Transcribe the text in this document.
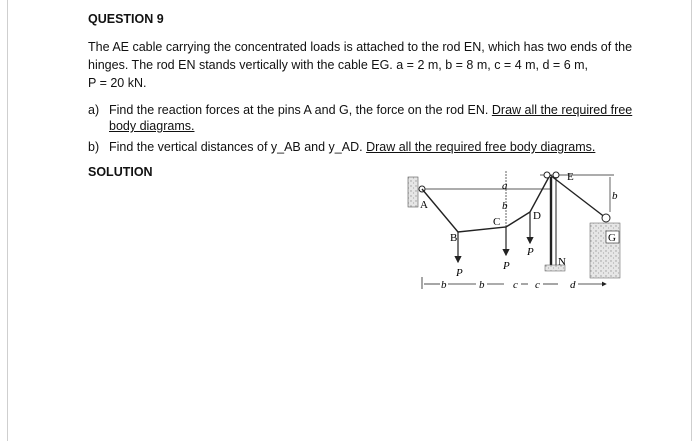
QUESTION 9
The AE cable carrying the concentrated loads is attached to the rod EN, which has two ends of the
hinges. The rod EN stands vertically with the cable EG. a = 2 m, b = 8 m, c = 4 m, d = 6 m,
P = 20 kN.
a) Find the reaction forces at the pins A and G, the force on the rod EN. Draw all the required free body diagrams.
b) Find the vertical distances of y_AB and y_AD. Draw all the required free body diagrams.
SOLUTION
A
E
N
G
b
B
P
a
b
C
P
D
P
b	b	c c	d
